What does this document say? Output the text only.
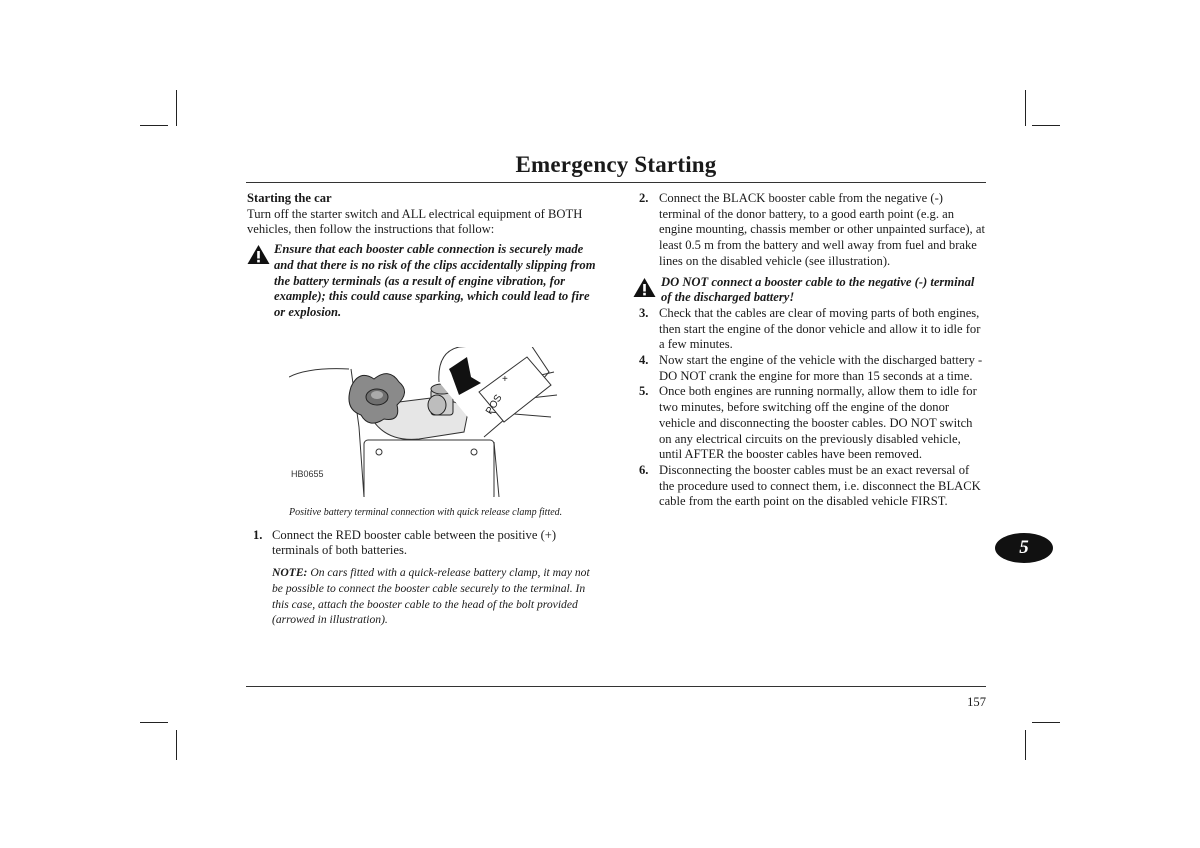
Emergency Starting
Starting the car

Turn off the starter switch and ALL electrical equipment of BOTH vehicles, then follow the instructions that follow:

Ensure that each booster cable connection is securely made and that there is no risk of the clips accidentally slipping from the battery terminals (as a result of engine vibration, for example); this could cause sparking, which could lead to fire or explosion.
POS
+
HB0655
Positive battery terminal connection with quick release clamp fitted.
1. Connect the RED booster cable between the positive (+) terminals of both batteries.
NOTE: On cars fitted with a quick-release battery clamp, it may not be possible to connect the booster cable securely to the terminal. In this case, attach the booster cable to the head of the bolt provided (arrowed in illustration).
2. Connect the BLACK booster cable from the negative (-) terminal of the donor battery, to a good earth point (e.g. an engine mounting, chassis member or other unpainted surface), at least 0.5 m from the battery and well away from fuel and brake lines on the disabled vehicle (see illustration).
DO NOT connect a booster cable to the negative (-) terminal of the discharged battery!
3. Check that the cables are clear of moving parts of both engines, then start the engine of the donor vehicle and allow it to idle for a few minutes.
4. Now start the engine of the vehicle with the discharged battery - DO NOT crank the engine for more than 15 seconds at a time.
5. Once both engines are running normally, allow them to idle for two minutes, before switching off the engine of the donor vehicle and disconnecting the booster cables. DO NOT switch on any electrical circuits on the previously disabled vehicle, until AFTER the booster cables have been removed.
6. Disconnecting the booster cables must be an exact reversal of the procedure used to connect them, i.e. disconnect the BLACK cable from the earth point on the disabled vehicle FIRST.
5
157
